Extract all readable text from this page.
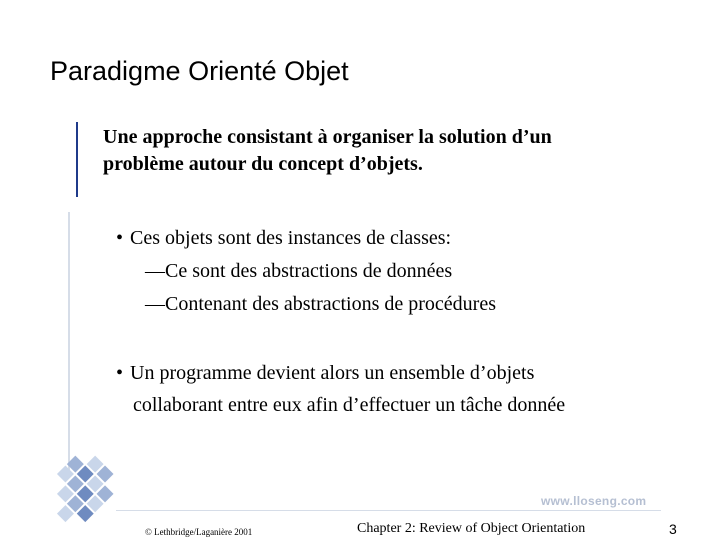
Paradigme Orienté Objet
Une approche consistant à organiser la solution d’un
problème autour du concept d’objets.
• Ces objets sont des instances de classes:
—Ce sont des abstractions de données
—Contenant des abstractions de procédures
• Un programme devient alors un ensemble d’objets
collaborant entre eux afin d’effectuer un tâche donnée
www.lloseng.com
© Lethbridge/Laganière 2001	Chapter 2: Review of Object Orientation	3
